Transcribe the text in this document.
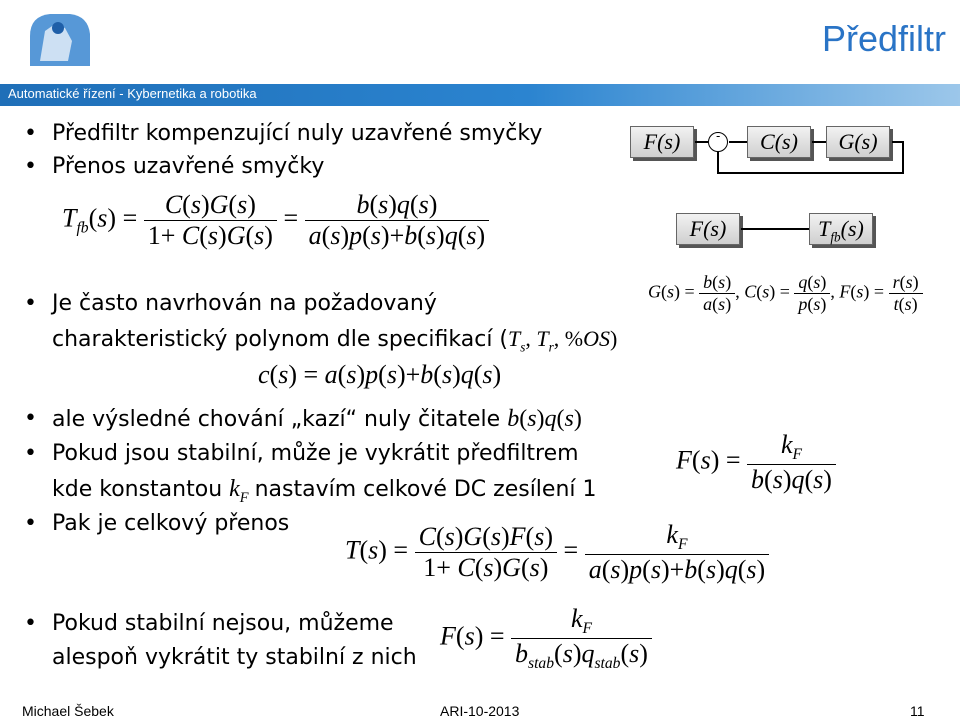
Předfiltr
Automatické řízení - Kybernetika a robotika
• Předfiltr kompenzující nuly uzavřené smyčky
• Přenos uzavřené smyčky
$T_{fb}(s) = \frac{C(s)G(s)}{1+ C(s)G(s)} = \frac{b(s)q(s)}{a(s)p(s)+b(s)q(s)}$
• Je často navrhován na požadovaný
charakteristický polynom dle specifikací ($T_s$, $T_r$, %OS)
c(s) = a(s)p(s)+b(s)q(s)
• ale výsledné chování „kazí“ nuly čitatele b(s)q(s)
• Pokud jsou stabilní, může je vykrátit předfiltrem
kde konstantou $k_F$ nastavím celkové DC zesílení 1
• Pak je celkový přenos
$T(s) = \frac{C(s)G(s)F(s)}{1+ C(s)G(s)} = \frac{k_F}{a(s)p(s)+b(s)q(s)}$
• Pokud stabilní nejsou, můžeme
alespoň vykrátit ty stabilní z nich
$F(s) = \frac{k_F}{b_{stab}(s)q_{stab}(s)}$
$F(s) = \frac{k_F}{b(s)q(s)}$
$G(s) = \frac{b(s)}{a(s)}$ , $C(s) = \frac{q(s)}{p(s)}$ , $F(s) = \frac{r(s)}{t(s)}$
F(s)	-	C(s)	G(s)
F(s)	$T_{fb}(s)$
Michael Šebek	ARI-10-2013	11
